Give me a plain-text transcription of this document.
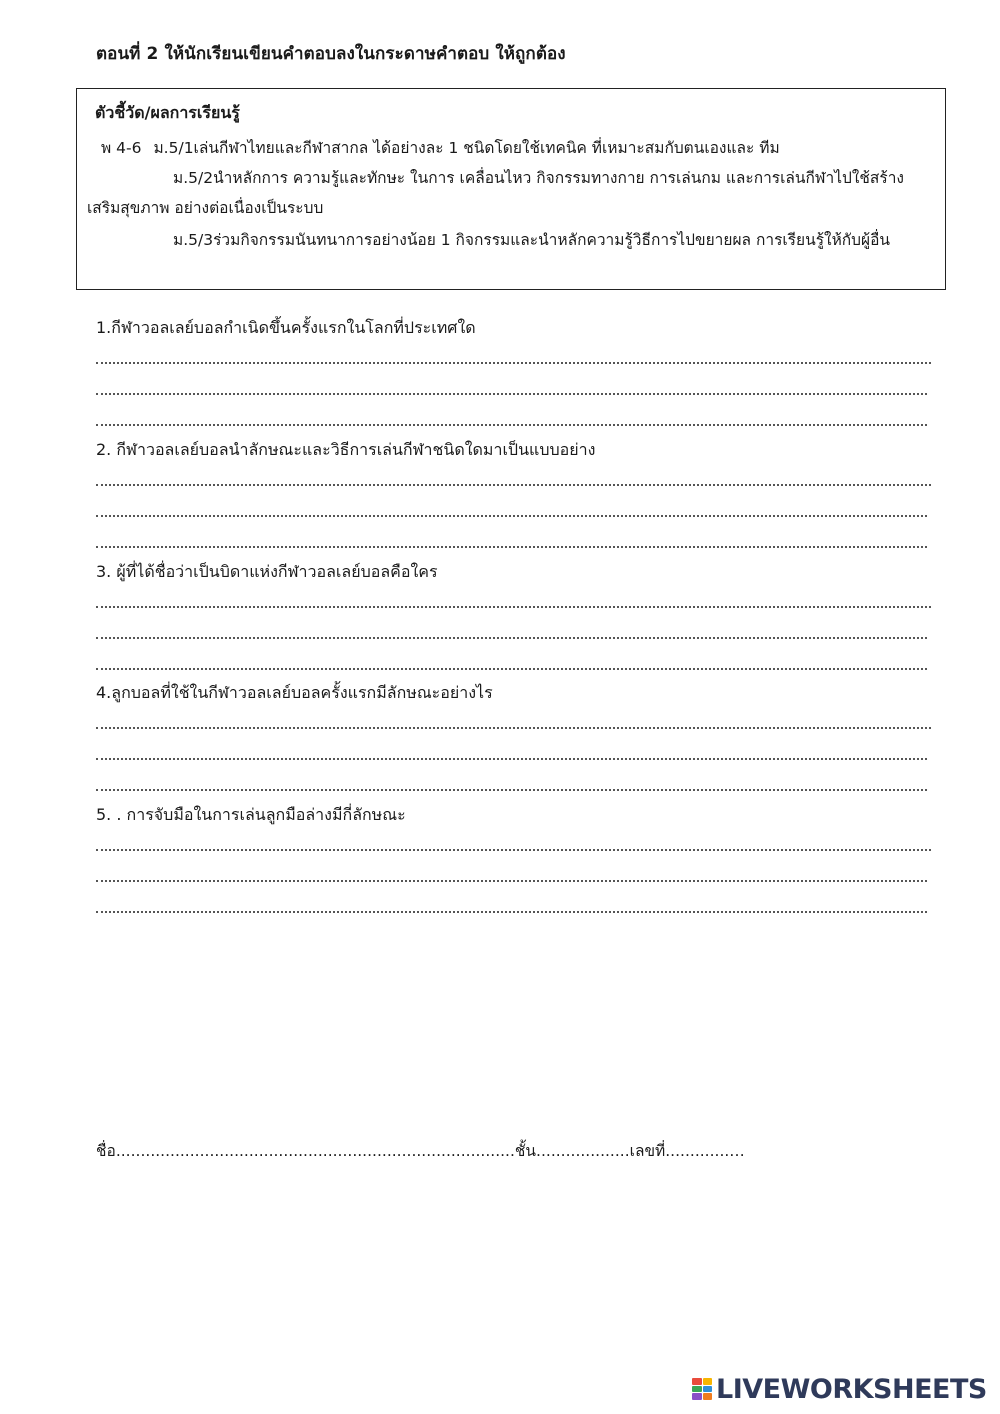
ตอนที่ 2 ให้นักเรียนเขียนคำตอบลงในกระดาษคำตอบ ให้ถูกต้อง
ตัวชี้วัด/ผลการเรียนรู้
พ 4-6 ม.5/1เล่นกีฬาไทยและกีฬาสากล ได้อย่างละ 1 ชนิดโดยใช้เทคนิค ที่เหมาะสมกับตนเองและ ทีม
ม.5/2นำหลักการ ความรู้และทักษะ ในการ เคลื่อนไหว กิจกรรมทางกาย การเล่นกม และการเล่นกีฬาไปใช้สร้าง
เสริมสุขภาพ อย่างต่อเนื่องเป็นระบบ
ม.5/3ร่วมกิจกรรมนันทนาการอย่างน้อย 1 กิจกรรมและนำหลักความรู้วิธีการไปขยายผล การเรียนรู้ให้กับผู้อื่น
1.กีฬาวอลเลย์บอลกำเนิดขึ้นครั้งแรกในโลกที่ประเทศใด
2. กีฬาวอลเลย์บอลนำลักษณะและวิธีการเล่นกีฬาชนิดใดมาเป็นแบบอย่าง
3. ผู้ที่ได้ชื่อว่าเป็นบิดาแห่งกีฬาวอลเลย์บอลคือใคร
4.ลูกบอลที่ใช้ในกีฬาวอลเลย์บอลครั้งแรกมีลักษณะอย่างไร
5. . การจับมือในการเล่นลูกมือล่างมีกี่ลักษณะ
ชื่อ.................................................................................ชั้น...................เลขที่.............…
LIVEWORKSHEETS
